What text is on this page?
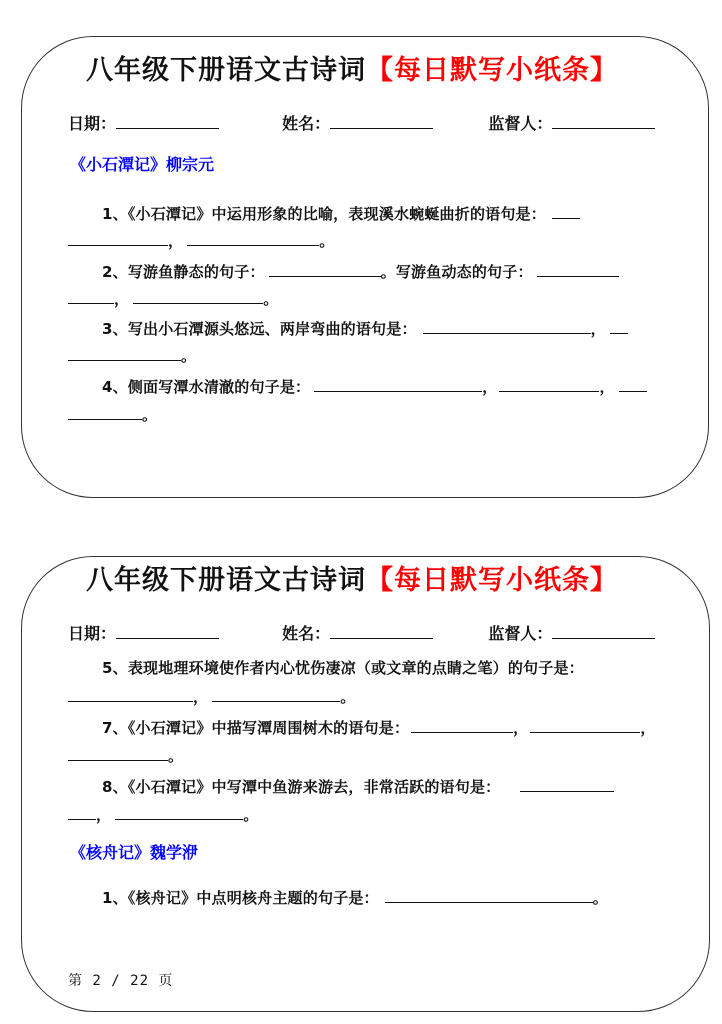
八年级下册语文古诗词【每日默写小纸条】
日期：	姓名：	监督人：
《小石潭记》柳宗元
1、《小石潭记》中运用形象的比喻，表现溪水蜿蜒曲折的语句是：
，	。
2、写游鱼静态的句子：	。写游鱼动态的句子：
，	。
3、写出小石潭源头悠远、两岸弯曲的语句是：	，
。
4、侧面写潭水清澈的句子是：	，	，
。
八年级下册语文古诗词【每日默写小纸条】
日期：	姓名：	监督人：
5、表现地理环境使作者内心忧伤凄凉（或文章的点睛之笔）的句子是：
，	。
7、《小石潭记》中描写潭周围树木的语句是：	，	，
。
8、《小石潭记》中写潭中鱼游来游去，非常活跃的语句是：
，	。
《核舟记》魏学洢
1、《核舟记》中点明核舟主题的句子是：	。
第 2 / 22 页
